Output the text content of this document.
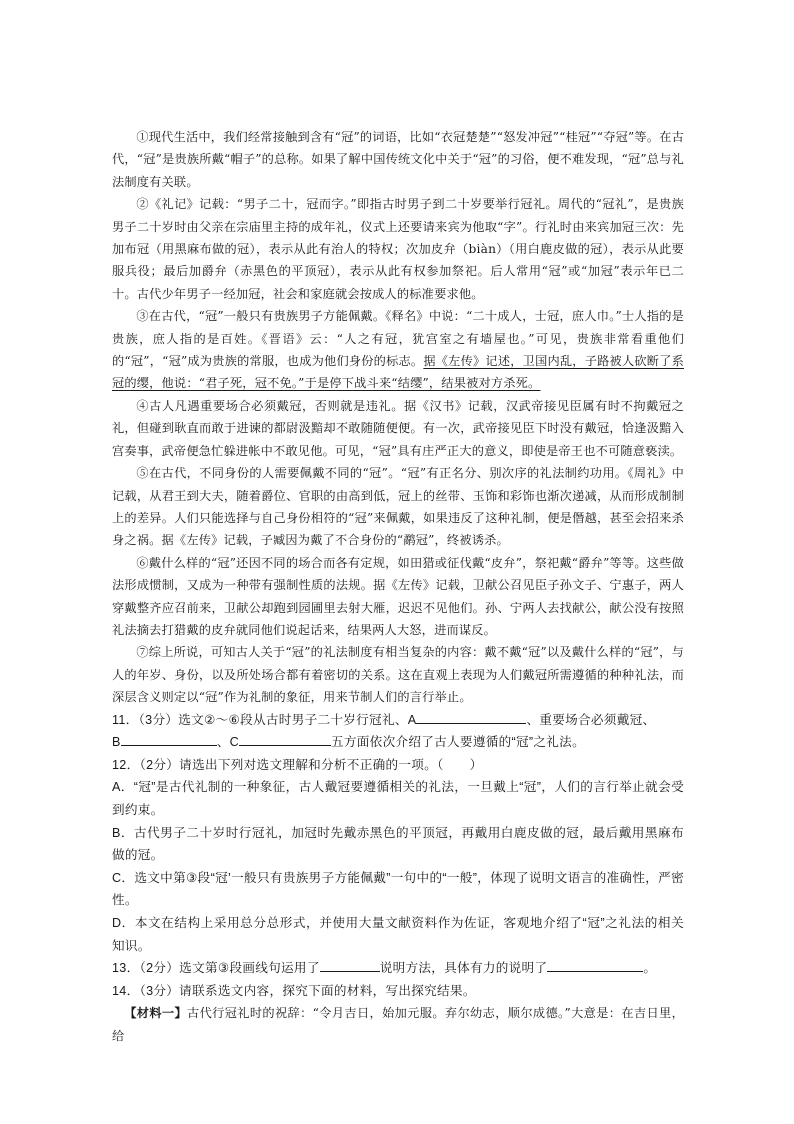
①现代生活中，我们经常接触到含有“冠”的词语，比如“衣冠楚楚”“怒发冲冠”“桂冠”“夺冠”等。在古代，“冠”是贵族所戴“帽子”的总称。如果了解中国传统文化中关于“冠”的习俗，便不难发现，“冠”总与礼法制度有关联。

②《礼记》记载：“男子二十，冠而字。”即指古时男子到二十岁要举行冠礼。周代的“冠礼”，是贵族男子二十岁时由父亲在宗庙里主持的成年礼，仪式上还要请来宾为他取“字”。行礼时由来宾加冠三次：先加布冠（用黑麻布做的冠），表示从此有治人的特权；次加皮弁（biàn）（用白鹿皮做的冠），表示从此要服兵役；最后加爵弁（赤黑色的平顶冠），表示从此有权参加祭祀。后人常用“冠”或“加冠”表示年已二十。古代少年男子一经加冠，社会和家庭就会按成人的标准要求他。

③在古代，“冠”一般只有贵族男子方能佩戴。《释名》中说：“二十成人，士冠，庶人巾。”士人指的是贵族，庶人指的是百姓。《晋语》云：“人之有冠，犹宫室之有墙屋也。”可见，贵族非常看重他们的“冠”，“冠”成为贵族的常服，也成为他们身份的标志。据《左传》记述，卫国内乱，子路被人砍断了系冠的缨，他说：“君子死，冠不免。”于是停下战斗来“结缨”，结果被对方杀死。

④古人凡遇重要场合必须戴冠，否则就是违礼。据《汉书》记载，汉武帝接见臣属有时不拘戴冠之礼，但碰到耿直而敢于进谏的都尉汲黯却不敢随随便便。有一次，武帝接见臣下时没有戴冠，恰逢汲黯入宫奏事，武帝便急忙躲进帐中不敢见他。可见，“冠”具有庄严正大的意义，即使是帝王也不可随意亵渎。

⑤在古代，不同身份的人需要佩戴不同的“冠”。“冠”有正名分、别次序的礼法制约功用。《周礼》中记载，从君王到大夫，随着爵位、官职的由高到低，冠上的丝带、玉饰和彩饰也渐次递减，从而形成制制上的差异。人们只能选择与自己身份相符的“冠”来佩戴，如果违反了这种礼制，便是僭越，甚至会招来杀身之祸。据《左传》记载，子臧因为戴了不合身份的“鹬冠”，终被诱杀。

⑥戴什么样的“冠”还因不同的场合而各有定规，如田猎或征伐戴“皮弁”，祭祀戴“爵弁”等等。这些做法形成惯制，又成为一种带有强制性质的法规。据《左传》记载，卫献公召见臣子孙文子、宁惠子，两人穿戴整齐应召前来，卫献公却跑到园圃里去射大雁，迟迟不见他们。孙、宁两人去找献公，献公没有按照礼法摘去打猎戴的皮弁就同他们说起话来，结果两人大怒，进而谋反。

⑦综上所说，可知古人关于“冠”的礼法制度有相当复杂的内容：戴不戴“冠”以及戴什么样的“冠”，与人的年岁、身份，以及所处场合都有着密切的关系。这在直观上表现为人们戴冠所需遵循的种种礼法，而深层含义则定以“冠”作为礼制的象征，用来节制人们的言行举止。

11．（3分）选文②～⑥段从古时男子二十岁行冠礼、A	、重要场合必须戴冠、
B	、C	五方面依次介绍了古人要遵循的“冠”之礼法。

12．（2分）请选出下列对选文理解和分析不正确的一项。（ ）

A．“冠”是古代礼制的一种象征，古人戴冠要遵循相关的礼法，一旦戴上“冠”，人们的言行举止就会受到约束。

B．古代男子二十岁时行冠礼，加冠时先戴赤黑色的平顶冠，再戴用白鹿皮做的冠，最后戴用黑麻布做的冠。

C．选文中第③段“冠’一般只有贵族男子方能佩戴”一句中的“一般”，体现了说明文语言的准确性，严密性。

D．本文在结构上采用总分总形式，并使用大量文献资料作为佐证，客观地介绍了“冠”之礼法的相关知识。

13．（2分）选文第③段画线句运用了	说明方法，具体有力的说明了	。

14．（3分）请联系选文内容，探究下面的材料，写出探究结果。

【材料一】古代行冠礼时的祝辞：“令月吉日，始加元服。弃尔幼志，顺尔成德。”大意是：在吉日里，给
